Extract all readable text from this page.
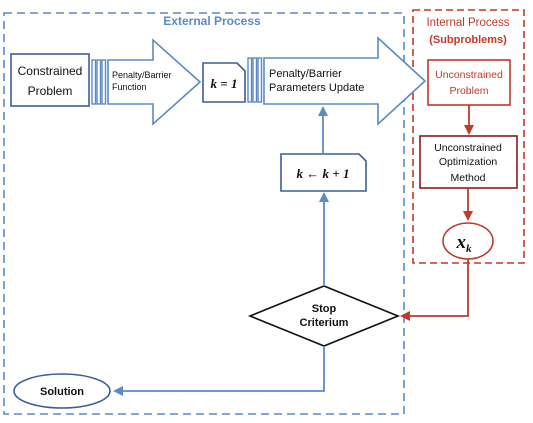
External Process	Internal Process
(Subproblems)
Constrained
Problem
Penalty/Barrier
Function	k = 1
Penalty/Barrier
Parameters Update
Unconstrained
Problem
Unconstrained
Optimization
Method
$x_k$
Stop
Criterium
k ← k + 1
Solution
